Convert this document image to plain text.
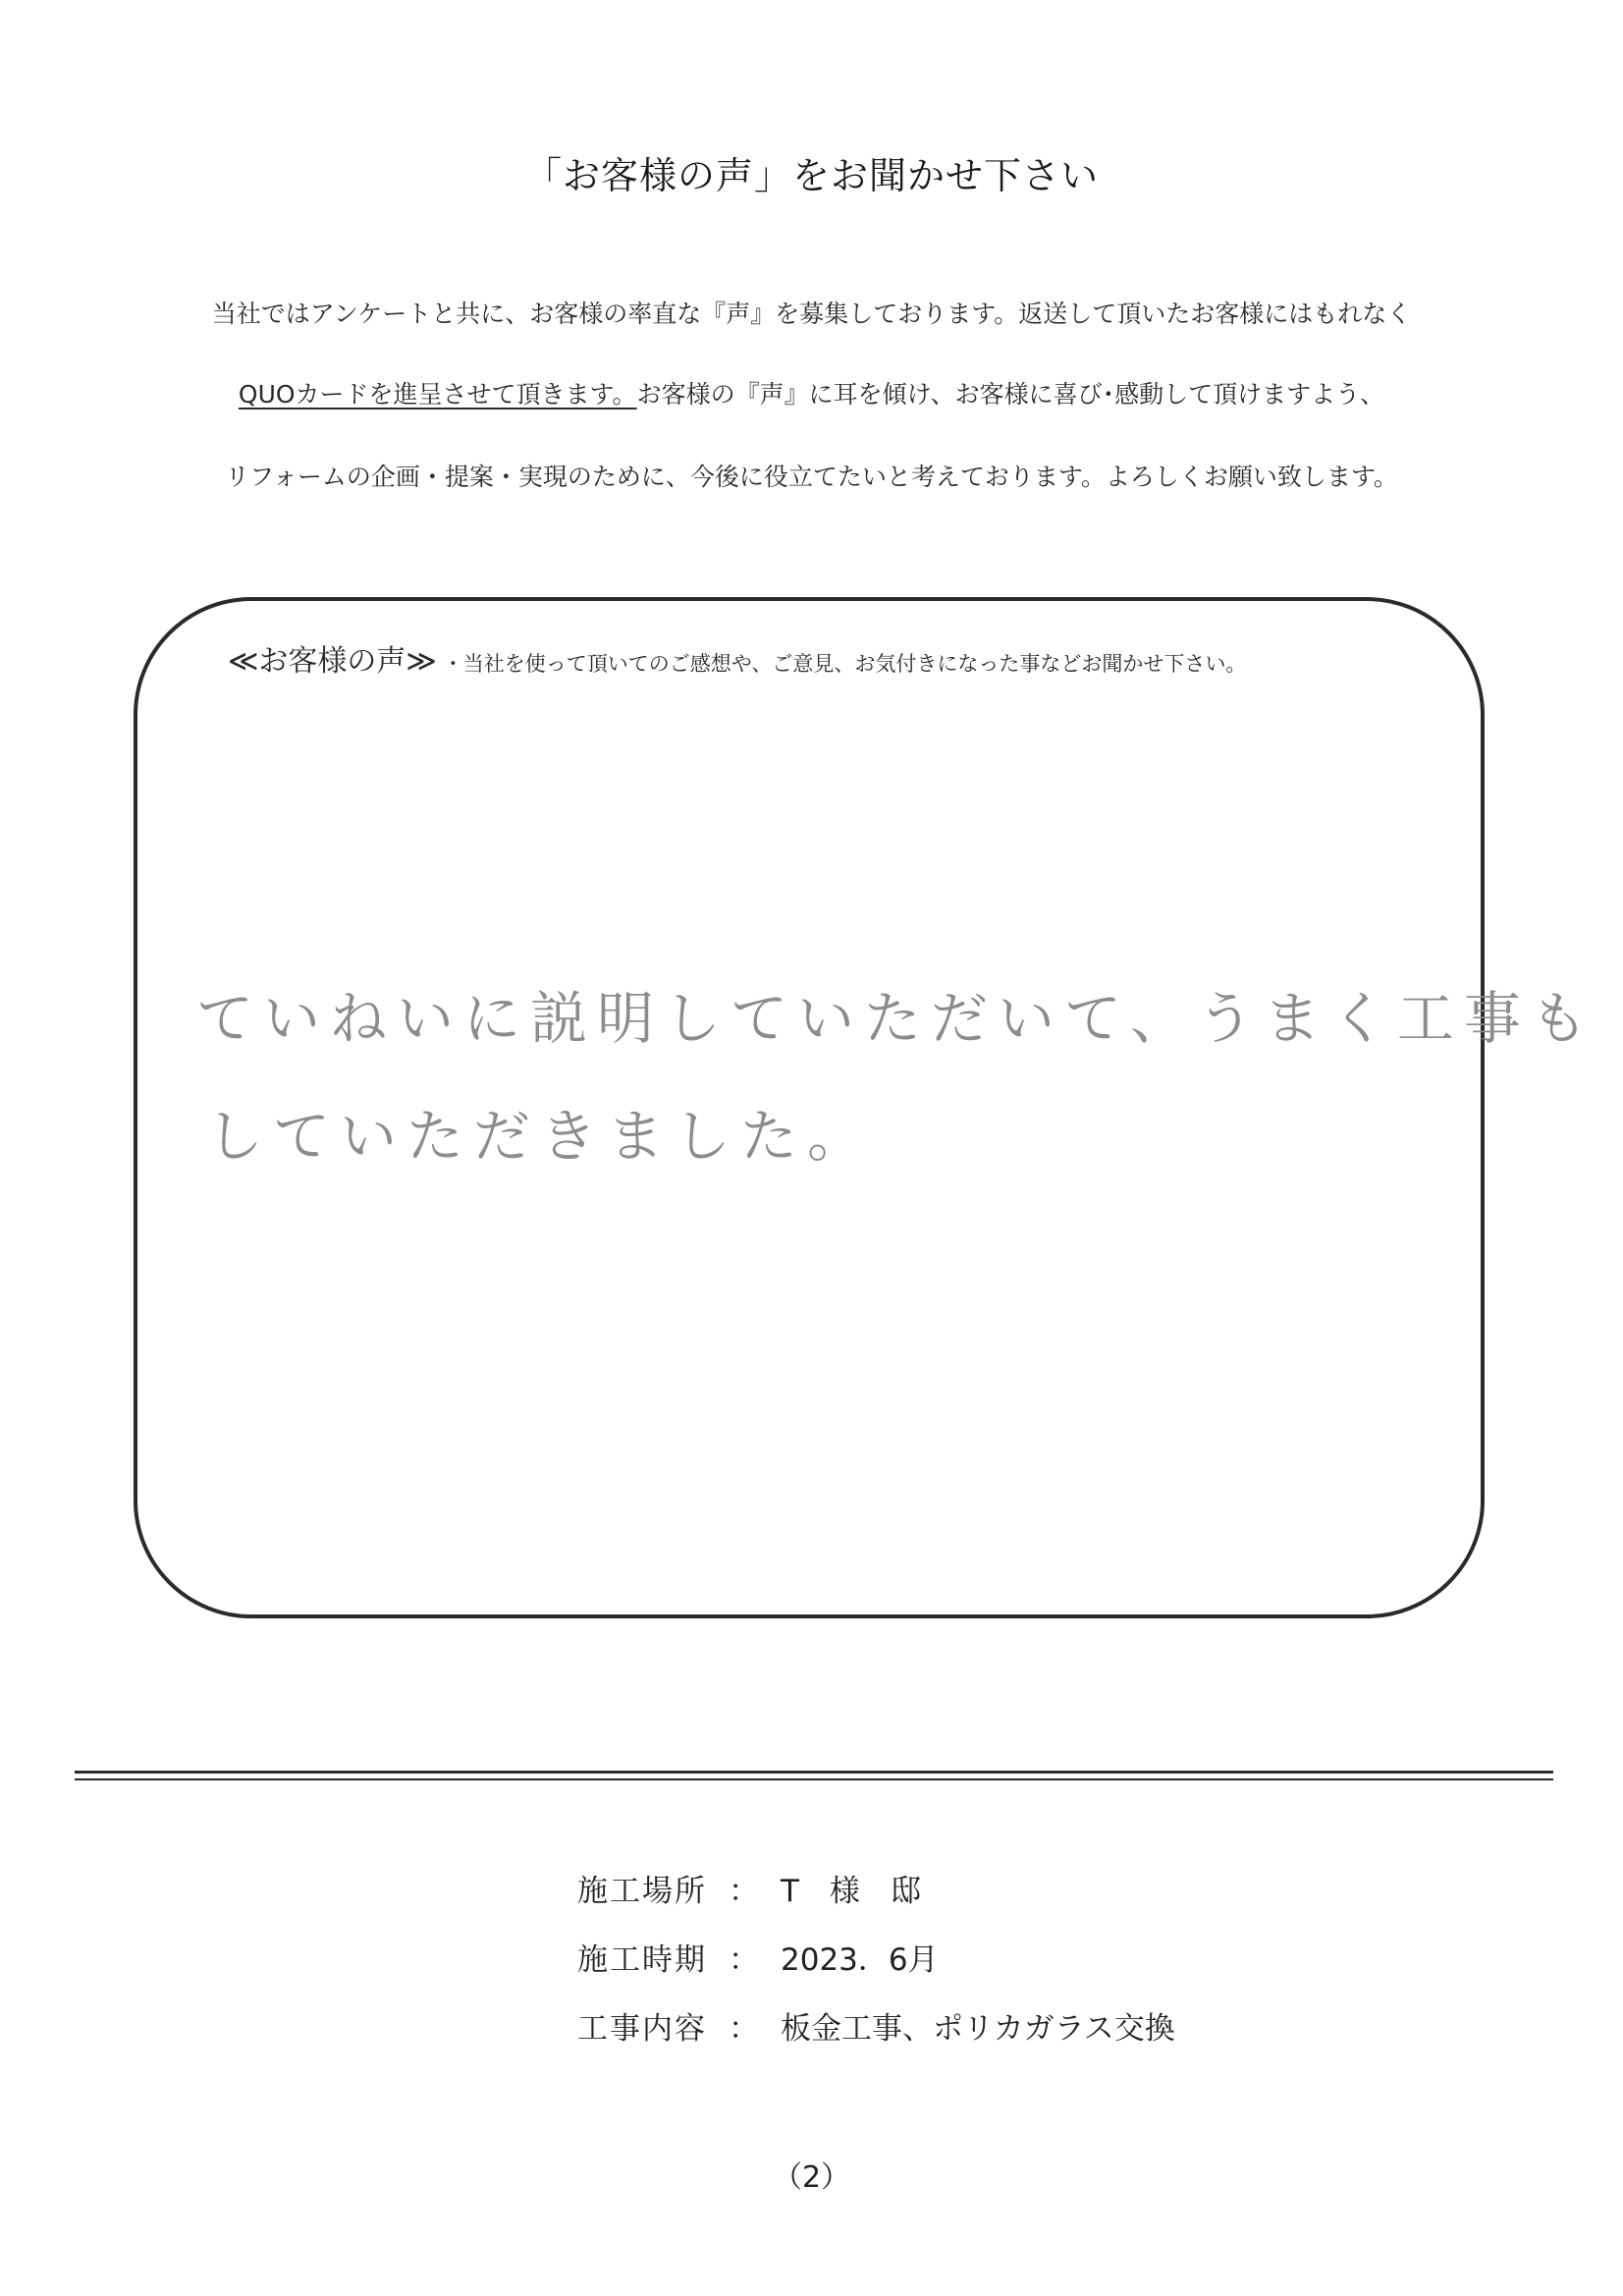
「お客様の声」をお聞かせ下さい
当社ではアンケートと共に、お客様の率直な『声』を募集しております。返送して頂いたお客様にはもれなく
QUOカードを進呈させて頂きます。お客様の『声』に耳を傾け、お客様に喜び･感動して頂けますよう、
リフォームの企画・提案・実現のために、今後に役立てたいと考えております。よろしくお願い致します。
≪お客様の声≫ ・当社を使って頂いてのご感想や、ご意見、お気付きになった事などお聞かせ下さい。
ていねいに説明していただいて、うまく工事も
していただきました。
施工場所 ： T　様　邸
施工時期 ： 2023．6月
工事内容 ： 板金工事、ポリカガラス交換
（2）
